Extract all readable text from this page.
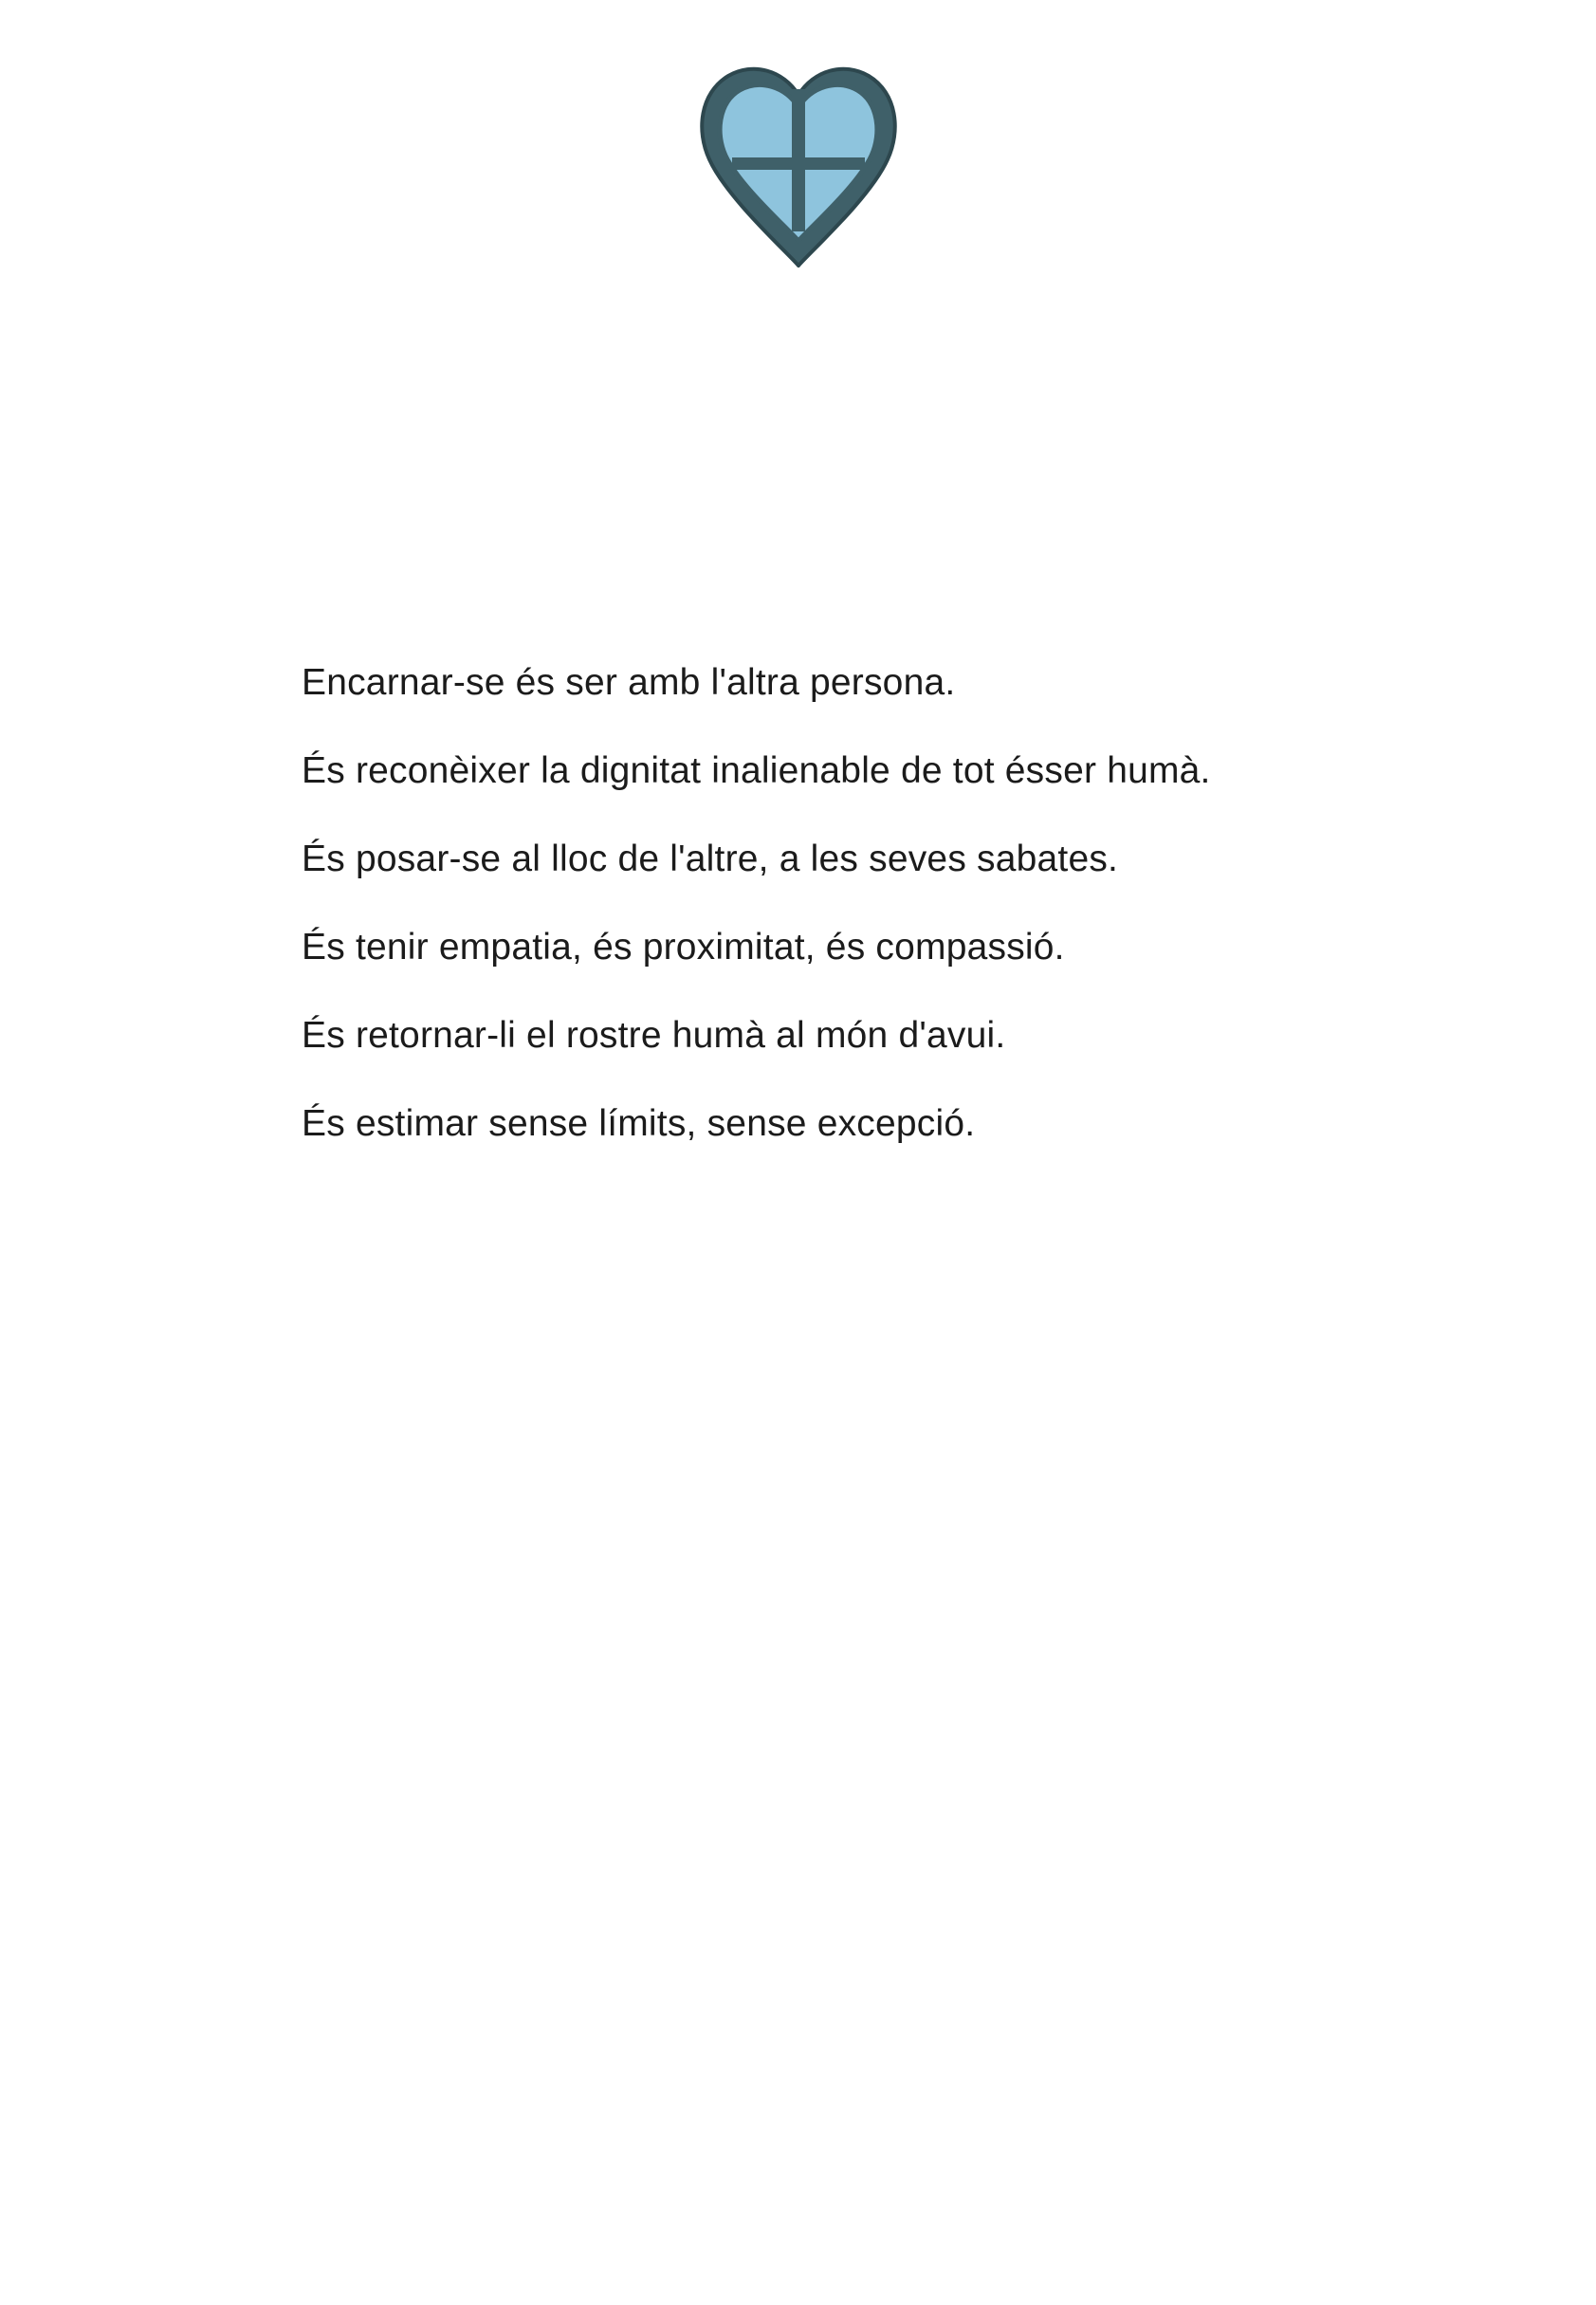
Encarnar-se és ser amb l'altra persona.

És reconèixer la dignitat inalienable de tot ésser humà.

És posar-se al lloc de l'altre, a les seves sabates.

És tenir empatia, és proximitat, és compassió.

És retornar-li el rostre humà al món d'avui.

És estimar sense límits, sense excepció.
